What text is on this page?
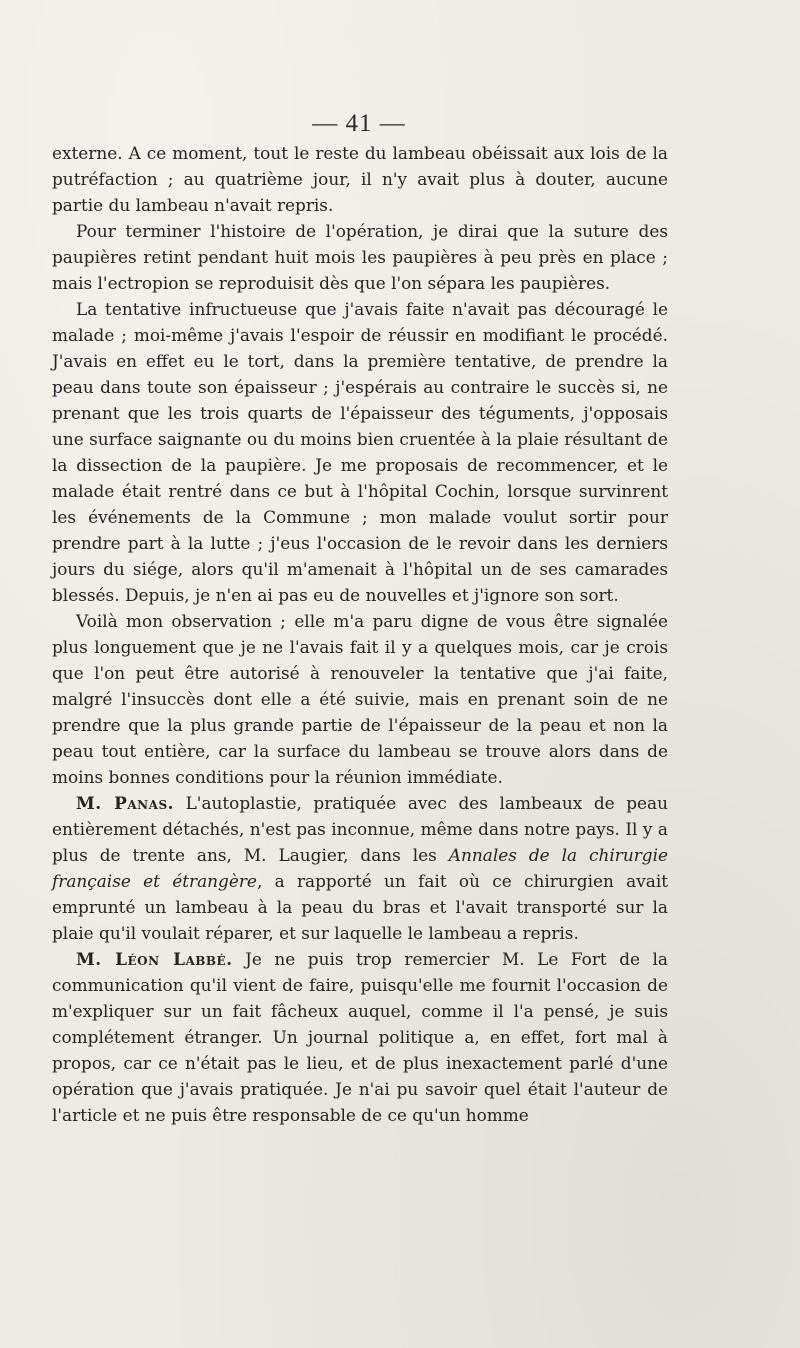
— 41 —

externe. A ce moment, tout le reste du lambeau obéissait aux lois de la putréfaction ; au quatrième jour, il n'y avait plus à douter, aucune partie du lambeau n'avait repris.

Pour terminer l'histoire de l'opération, je dirai que la suture des paupières retint pendant huit mois les paupières à peu près en place ; mais l'ectropion se reproduisit dès que l'on sépara les paupières.

La tentative infructueuse que j'avais faite n'avait pas découragé le malade ; moi-même j'avais l'espoir de réussir en modifiant le procédé. J'avais en effet eu le tort, dans la première tentative, de prendre la peau dans toute son épaisseur ; j'espérais au contraire le succès si, ne prenant que les trois quarts de l'épaisseur des téguments, j'opposais une surface saignante ou du moins bien cruentée à la plaie résultant de la dissection de la paupière. Je me proposais de recommencer, et le malade était rentré dans ce but à l'hôpital Cochin, lorsque survinrent les événements de la Commune ; mon malade voulut sortir pour prendre part à la lutte ; j'eus l'occasion de le revoir dans les derniers jours du siége, alors qu'il m'amenait à l'hôpital un de ses camarades blessés. Depuis, je n'en ai pas eu de nouvelles et j'ignore son sort.

Voilà mon observation ; elle m'a paru digne de vous être signalée plus longuement que je ne l'avais fait il y a quelques mois, car je crois que l'on peut être autorisé à renouveler la tentative que j'ai faite, malgré l'insuccès dont elle a été suivie, mais en prenant soin de ne prendre que la plus grande partie de l'épaisseur de la peau et non la peau tout entière, car la surface du lambeau se trouve alors dans de moins bonnes conditions pour la réunion immédiate.

M. Panas. L'autoplastie, pratiquée avec des lambeaux de peau entièrement détachés, n'est pas inconnue, même dans notre pays. Il y a plus de trente ans, M. Laugier, dans les Annales de la chirurgie française et étrangère, a rapporté un fait où ce chirurgien avait emprunté un lambeau à la peau du bras et l'avait transporté sur la plaie qu'il voulait réparer, et sur laquelle le lambeau a repris.

M. Léon Labbé. Je ne puis trop remercier M. Le Fort de la communication qu'il vient de faire, puisqu'elle me fournit l'occasion de m'expliquer sur un fait fâcheux auquel, comme il l'a pensé, je suis complétement étranger. Un journal politique a, en effet, fort mal à propos, car ce n'était pas le lieu, et de plus inexactement parlé d'une opération que j'avais pratiquée. Je n'ai pu savoir quel était l'auteur de l'article et ne puis être responsable de ce qu'un homme
